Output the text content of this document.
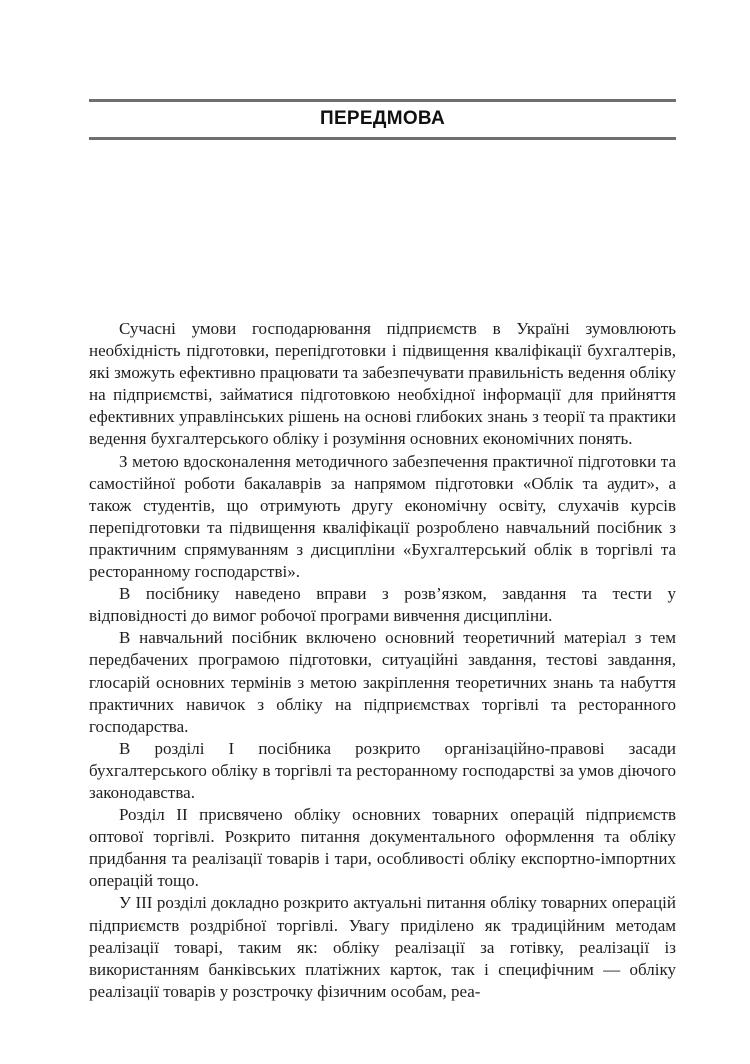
ПЕРЕДМОВА

Сучасні умови господарювання підприємств в Україні зумовлюють необхідність підготовки, перепідготовки і підвищення кваліфікації бухгалтерів, які зможуть ефективно працювати та забезпечувати правильність ведення обліку на підприємстві, займатися підготовкою необхідної інформації для прийняття ефективних управлінських рішень на основі глибоких знань з теорії та практики ведення бухгалтерського обліку і розуміння основних економічних понять.

З метою вдосконалення методичного забезпечення практичної підготовки та самостійної роботи бакалаврів за напрямом підготовки «Облік та аудит», а також студентів, що отримують другу економічну освіту, слухачів курсів перепідготовки та підвищення кваліфікації розроблено навчальний посібник з практичним спрямуванням з дисципліни «Бухгалтерський облік в торгівлі та ресторанному господарстві».

В посібнику наведено вправи з розв’язком, завдання та тести у відповідності до вимог робочої програми вивчення дисципліни.

В навчальний посібник включено основний теоретичний матеріал з тем передбачених програмою підготовки, ситуаційні завдання, тестові завдання, глосарій основних термінів з метою закріплення теоретичних знань та набуття практичних навичок з обліку на підприємствах торгівлі та ресторанного господарства.

В розділі І посібника розкрито організаційно-правові засади бухгалтерського обліку в торгівлі та ресторанному господарстві за умов діючого законодавства.

Розділ ІІ присвячено обліку основних товарних операцій підприємств оптової торгівлі. Розкрито питання документального оформлення та обліку придбання та реалізації товарів і тари, особливості обліку експортно-імпортних операцій тощо.

У ІІІ розділі докладно розкрито актуальні питання обліку товарних операцій підприємств роздрібної торгівлі. Увагу приділено як традиційним методам реалізації товарі, таким як: обліку реалізації за готівку, реалізації із використанням банківських платіжних карток, так і специфічним — обліку реалізації товарів у розстрочку фізичним особам, реа-
